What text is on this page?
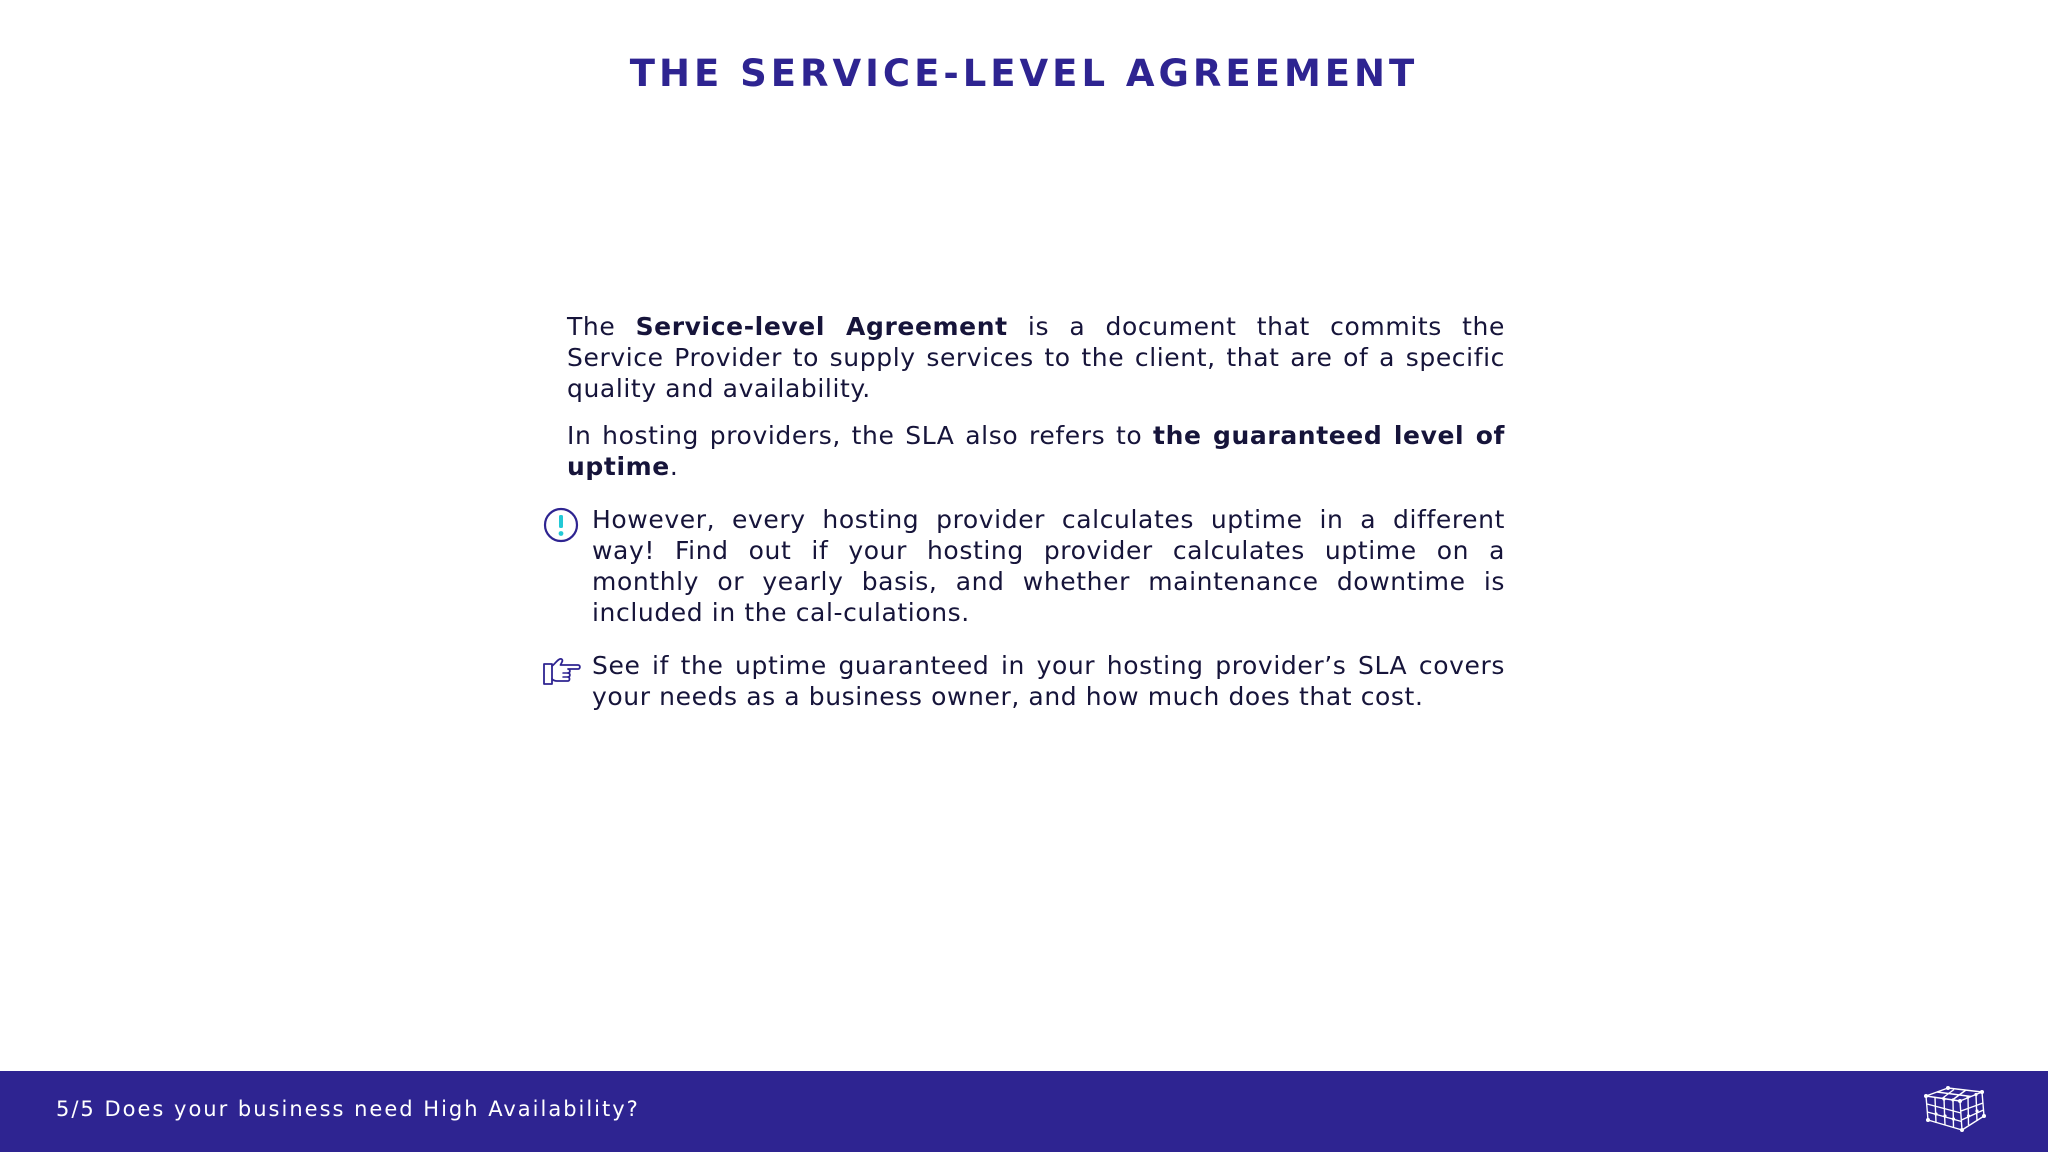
THE SERVICE-LEVEL AGREEMENT

The Service-level Agreement is a document that commits the Service Provider to supply services to the client, that are of a specific quality and availability.

In hosting providers, the SLA also refers to the guaranteed level of uptime.

However, every hosting provider calculates uptime in a different way! Find out if your hosting provider calculates uptime on a monthly or yearly basis, and whether maintenance downtime is included in the cal-culations.
See if the uptime guaranteed in your hosting provider’s SLA covers your needs as a business owner, and how much does that cost.

5/5 Does your business need High Availability?
